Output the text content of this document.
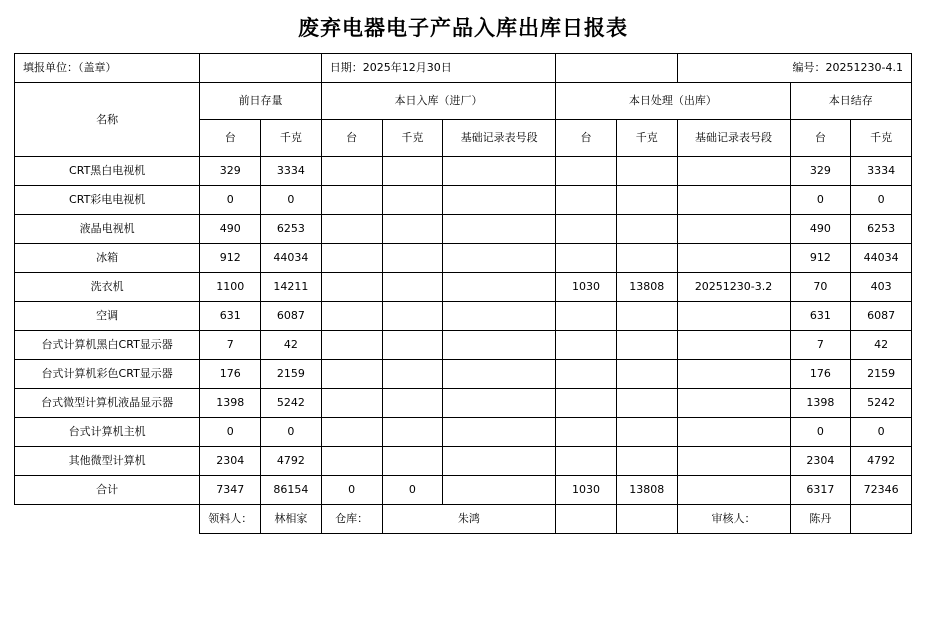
废弃电器电子产品入库出库日报表
填报单位：（盖章）			日期：2025年12月30日					编号：20251230-4.1		
名称	前日存量		本日入库（进厂）			本日处理（出库）			本日结存	
	台	千克	台	千克	基础记录表号段	台	千克	基础记录表号段	台	千克
CRT黑白电视机	329	3334							329	3334
CRT彩电电视机	0	0							0	0
液晶电视机	490	6253							490	6253
冰箱	912	44034							912	44034
洗衣机	1100	14211				1030	13808	20251230-3.2	70	403
空调	631	6087							631	6087
台式计算机黑白CRT显示器	7	42							7	42
台式计算机彩色CRT显示器	176	2159							176	2159
台式微型计算机液晶显示器	1398	5242							1398	5242
台式计算机主机	0	0							0	0
其他微型计算机	2304	4792							2304	4792
合计	7347	86154	0	0		1030	13808		6317	72346
	领料人：	林相家	仓库：	朱鸿				审核人：	陈丹	
